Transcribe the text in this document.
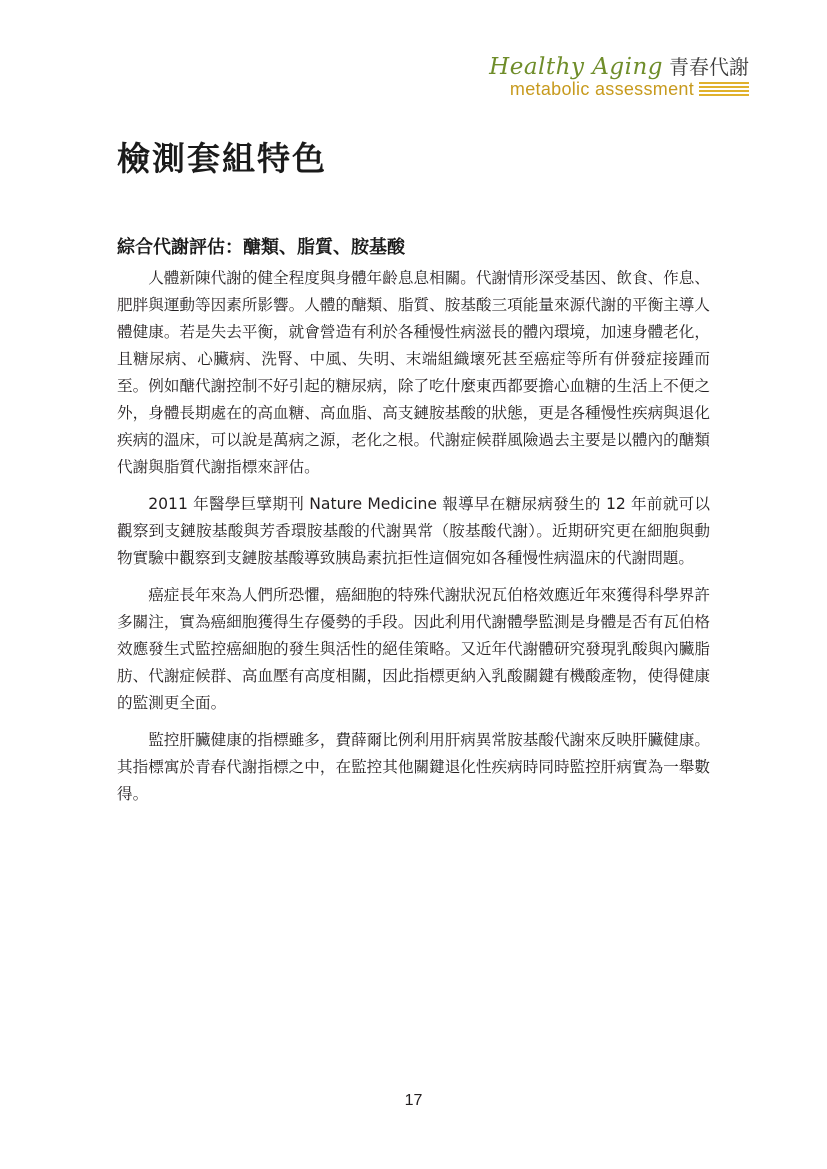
Healthy Aging 青春代謝
metabolic assessment
檢測套組特色
綜合代謝評估：醣類、脂質、胺基酸

人體新陳代謝的健全程度與身體年齡息息相關。代謝情形深受基因、飲食、作息、肥胖與運動等因素所影響。人體的醣類、脂質、胺基酸三項能量來源代謝的平衡主導人體健康。若是失去平衡，就會營造有利於各種慢性病滋長的體內環境，加速身體老化，且糖尿病、心臟病、洗腎、中風、失明、末端組織壞死甚至癌症等所有併發症接踵而至。例如醣代謝控制不好引起的糖尿病，除了吃什麼東西都要擔心血糖的生活上不便之外，身體長期處在的高血糖、高血脂、高支鏈胺基酸的狀態，更是各種慢性疾病與退化疾病的溫床，可以說是萬病之源，老化之根。代謝症候群風險過去主要是以體內的醣類代謝與脂質代謝指標來評估。

2011 年醫學巨擘期刊 Nature Medicine 報導早在糖尿病發生的 12 年前就可以觀察到支鏈胺基酸與芳香環胺基酸的代謝異常（胺基酸代謝）。近期研究更在細胞與動物實驗中觀察到支鏈胺基酸導致胰島素抗拒性這個宛如各種慢性病溫床的代謝問題。

癌症長年來為人們所恐懼，癌細胞的特殊代謝狀況瓦伯格效應近年來獲得科學界許多關注，實為癌細胞獲得生存優勢的手段。因此利用代謝體學監測是身體是否有瓦伯格效應發生式監控癌細胞的發生與活性的絕佳策略。又近年代謝體研究發現乳酸與內臟脂肪、代謝症候群、高血壓有高度相關，因此指標更納入乳酸關鍵有機酸產物，使得健康的監測更全面。

監控肝臟健康的指標雖多，費薛爾比例利用肝病異常胺基酸代謝來反映肝臟健康。其指標寓於青春代謝指標之中，在監控其他關鍵退化性疾病時同時監控肝病實為一舉數得。

17
